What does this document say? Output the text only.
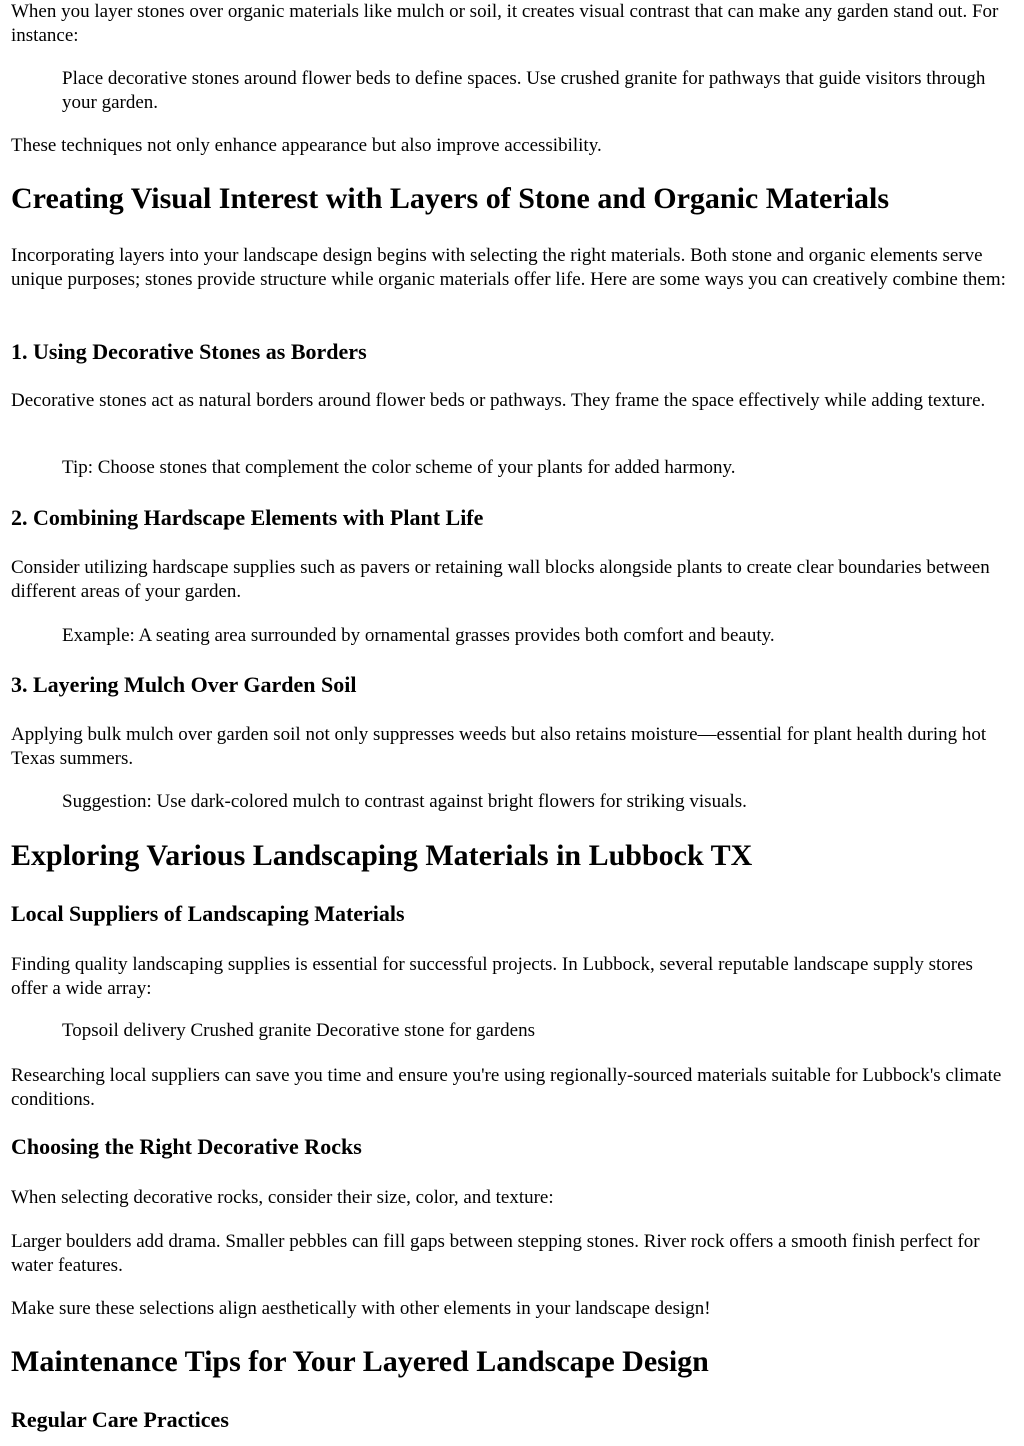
When you layer stones over organic materials like mulch or soil, it creates visual contrast that can make any garden stand out. For instance:

Place decorative stones around flower beds to define spaces. Use crushed granite for pathways that guide visitors through your garden.

These techniques not only enhance appearance but also improve accessibility.

Creating Visual Interest with Layers of Stone and Organic Materials

Incorporating layers into your landscape design begins with selecting the right materials. Both stone and organic elements serve unique purposes; stones provide structure while organic materials offer life. Here are some ways you can creatively combine them:

1. Using Decorative Stones as Borders

Decorative stones act as natural borders around flower beds or pathways. They frame the space effectively while adding texture.

Tip: Choose stones that complement the color scheme of your plants for added harmony.

2. Combining Hardscape Elements with Plant Life

Consider utilizing hardscape supplies such as pavers or retaining wall blocks alongside plants to create clear boundaries between different areas of your garden.

Example: A seating area surrounded by ornamental grasses provides both comfort and beauty.

3. Layering Mulch Over Garden Soil

Applying bulk mulch over garden soil not only suppresses weeds but also retains moisture—essential for plant health during hot Texas summers.

Suggestion: Use dark-colored mulch to contrast against bright flowers for striking visuals.

Exploring Various Landscaping Materials in Lubbock TX
Local Suppliers of Landscaping Materials

Finding quality landscaping supplies is essential for successful projects. In Lubbock, several reputable landscape supply stores offer a wide array:

Topsoil delivery Crushed granite Decorative stone for gardens

Researching local suppliers can save you time and ensure you're using regionally-sourced materials suitable for Lubbock's climate conditions.

Choosing the Right Decorative Rocks

When selecting decorative rocks, consider their size, color, and texture:

Larger boulders add drama. Smaller pebbles can fill gaps between stepping stones. River rock offers a smooth finish perfect for water features.

Make sure these selections align aesthetically with other elements in your landscape design!

Maintenance Tips for Your Layered Landscape Design
Regular Care Practices
